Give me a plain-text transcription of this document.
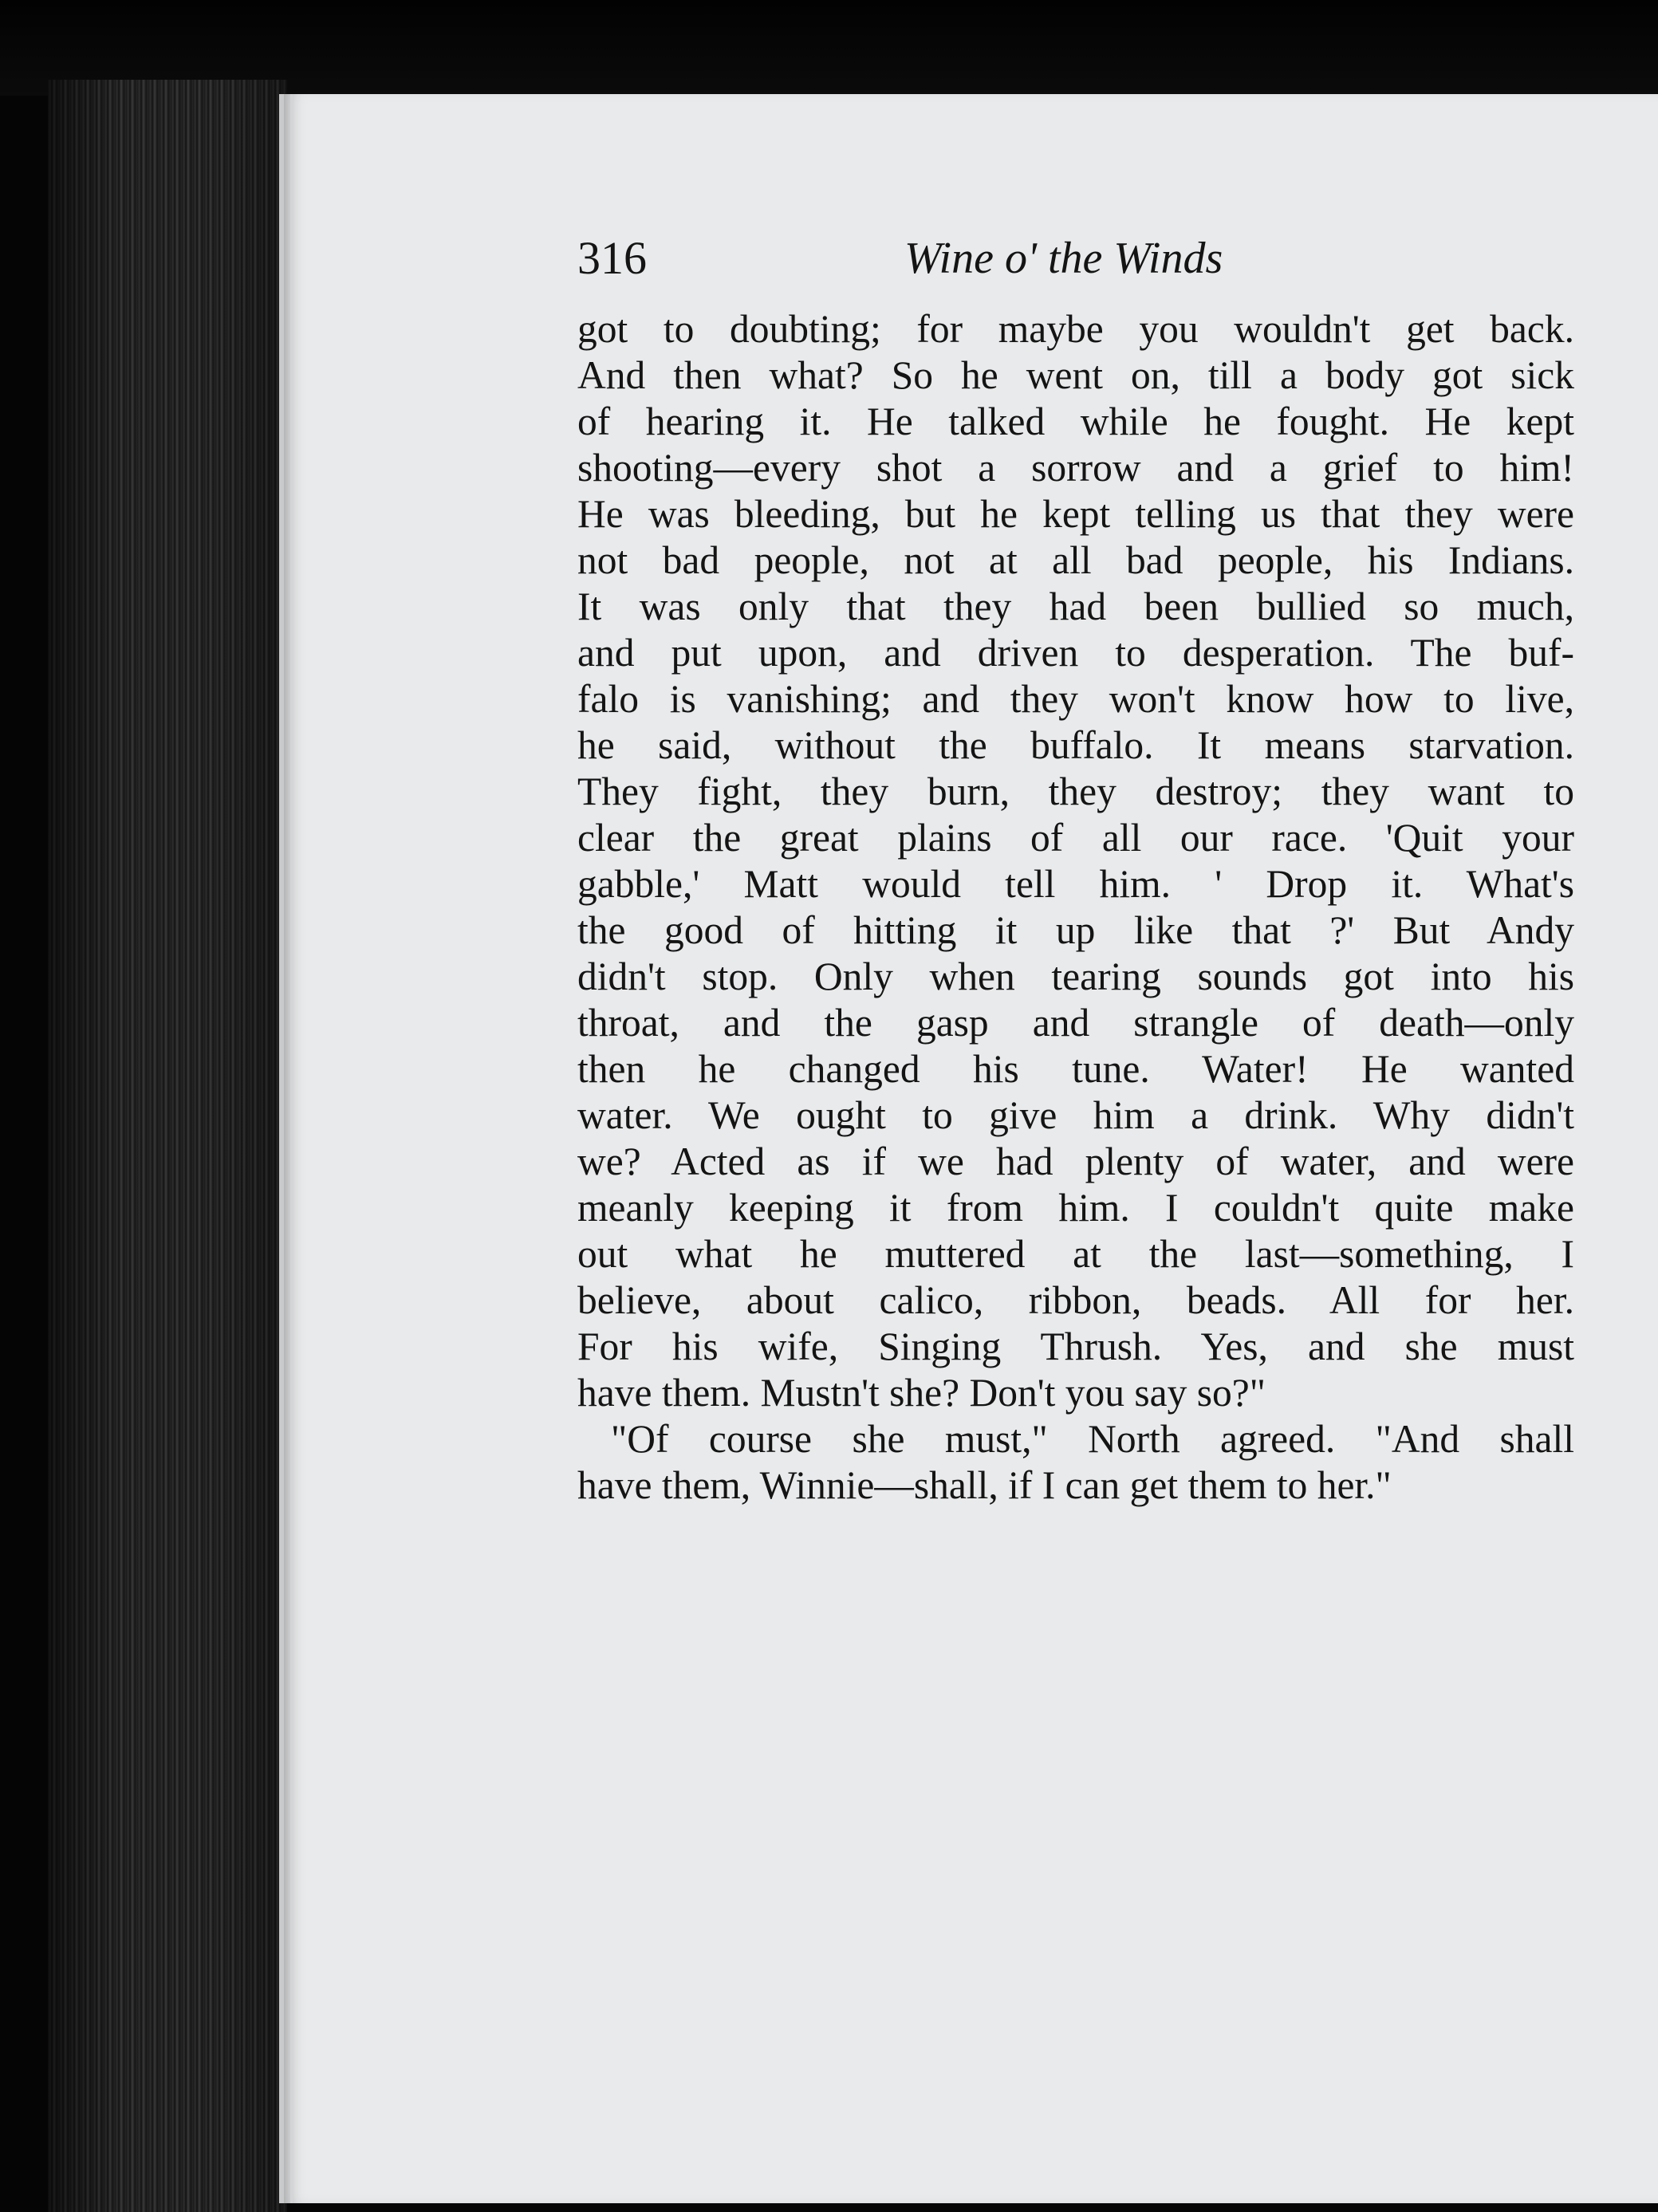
316	Wine o' the Winds
got to doubting; for maybe you wouldn't get back.
And then what? So he went on, till a body got sick
of hearing it. He talked while he fought. He kept
shooting—every shot a sorrow and a grief to him!
He was bleeding, but he kept telling us that they were
not bad people, not at all bad people, his Indians.
It was only that they had been bullied so much,
and put upon, and driven to desperation. The buf-
falo is vanishing; and they won't know how to live,
he said, without the buffalo. It means starvation.
They fight, they burn, they destroy; they want to
clear the great plains of all our race. 'Quit your
gabble,' Matt would tell him. ' Drop it. What's
the good of hitting it up like that ?' But Andy
didn't stop. Only when tearing sounds got into his
throat, and the gasp and strangle of death—only
then he changed his tune. Water! He wanted
water. We ought to give him a drink. Why didn't
we? Acted as if we had plenty of water, and were
meanly keeping it from him. I couldn't quite make
out what he muttered at the last—something, I
believe, about calico, ribbon, beads. All for her.
For his wife, Singing Thrush. Yes, and she must
have them. Mustn't she? Don't you say so?"
"Of course she must," North agreed. "And shall
have them, Winnie—shall, if I can get them to her."
